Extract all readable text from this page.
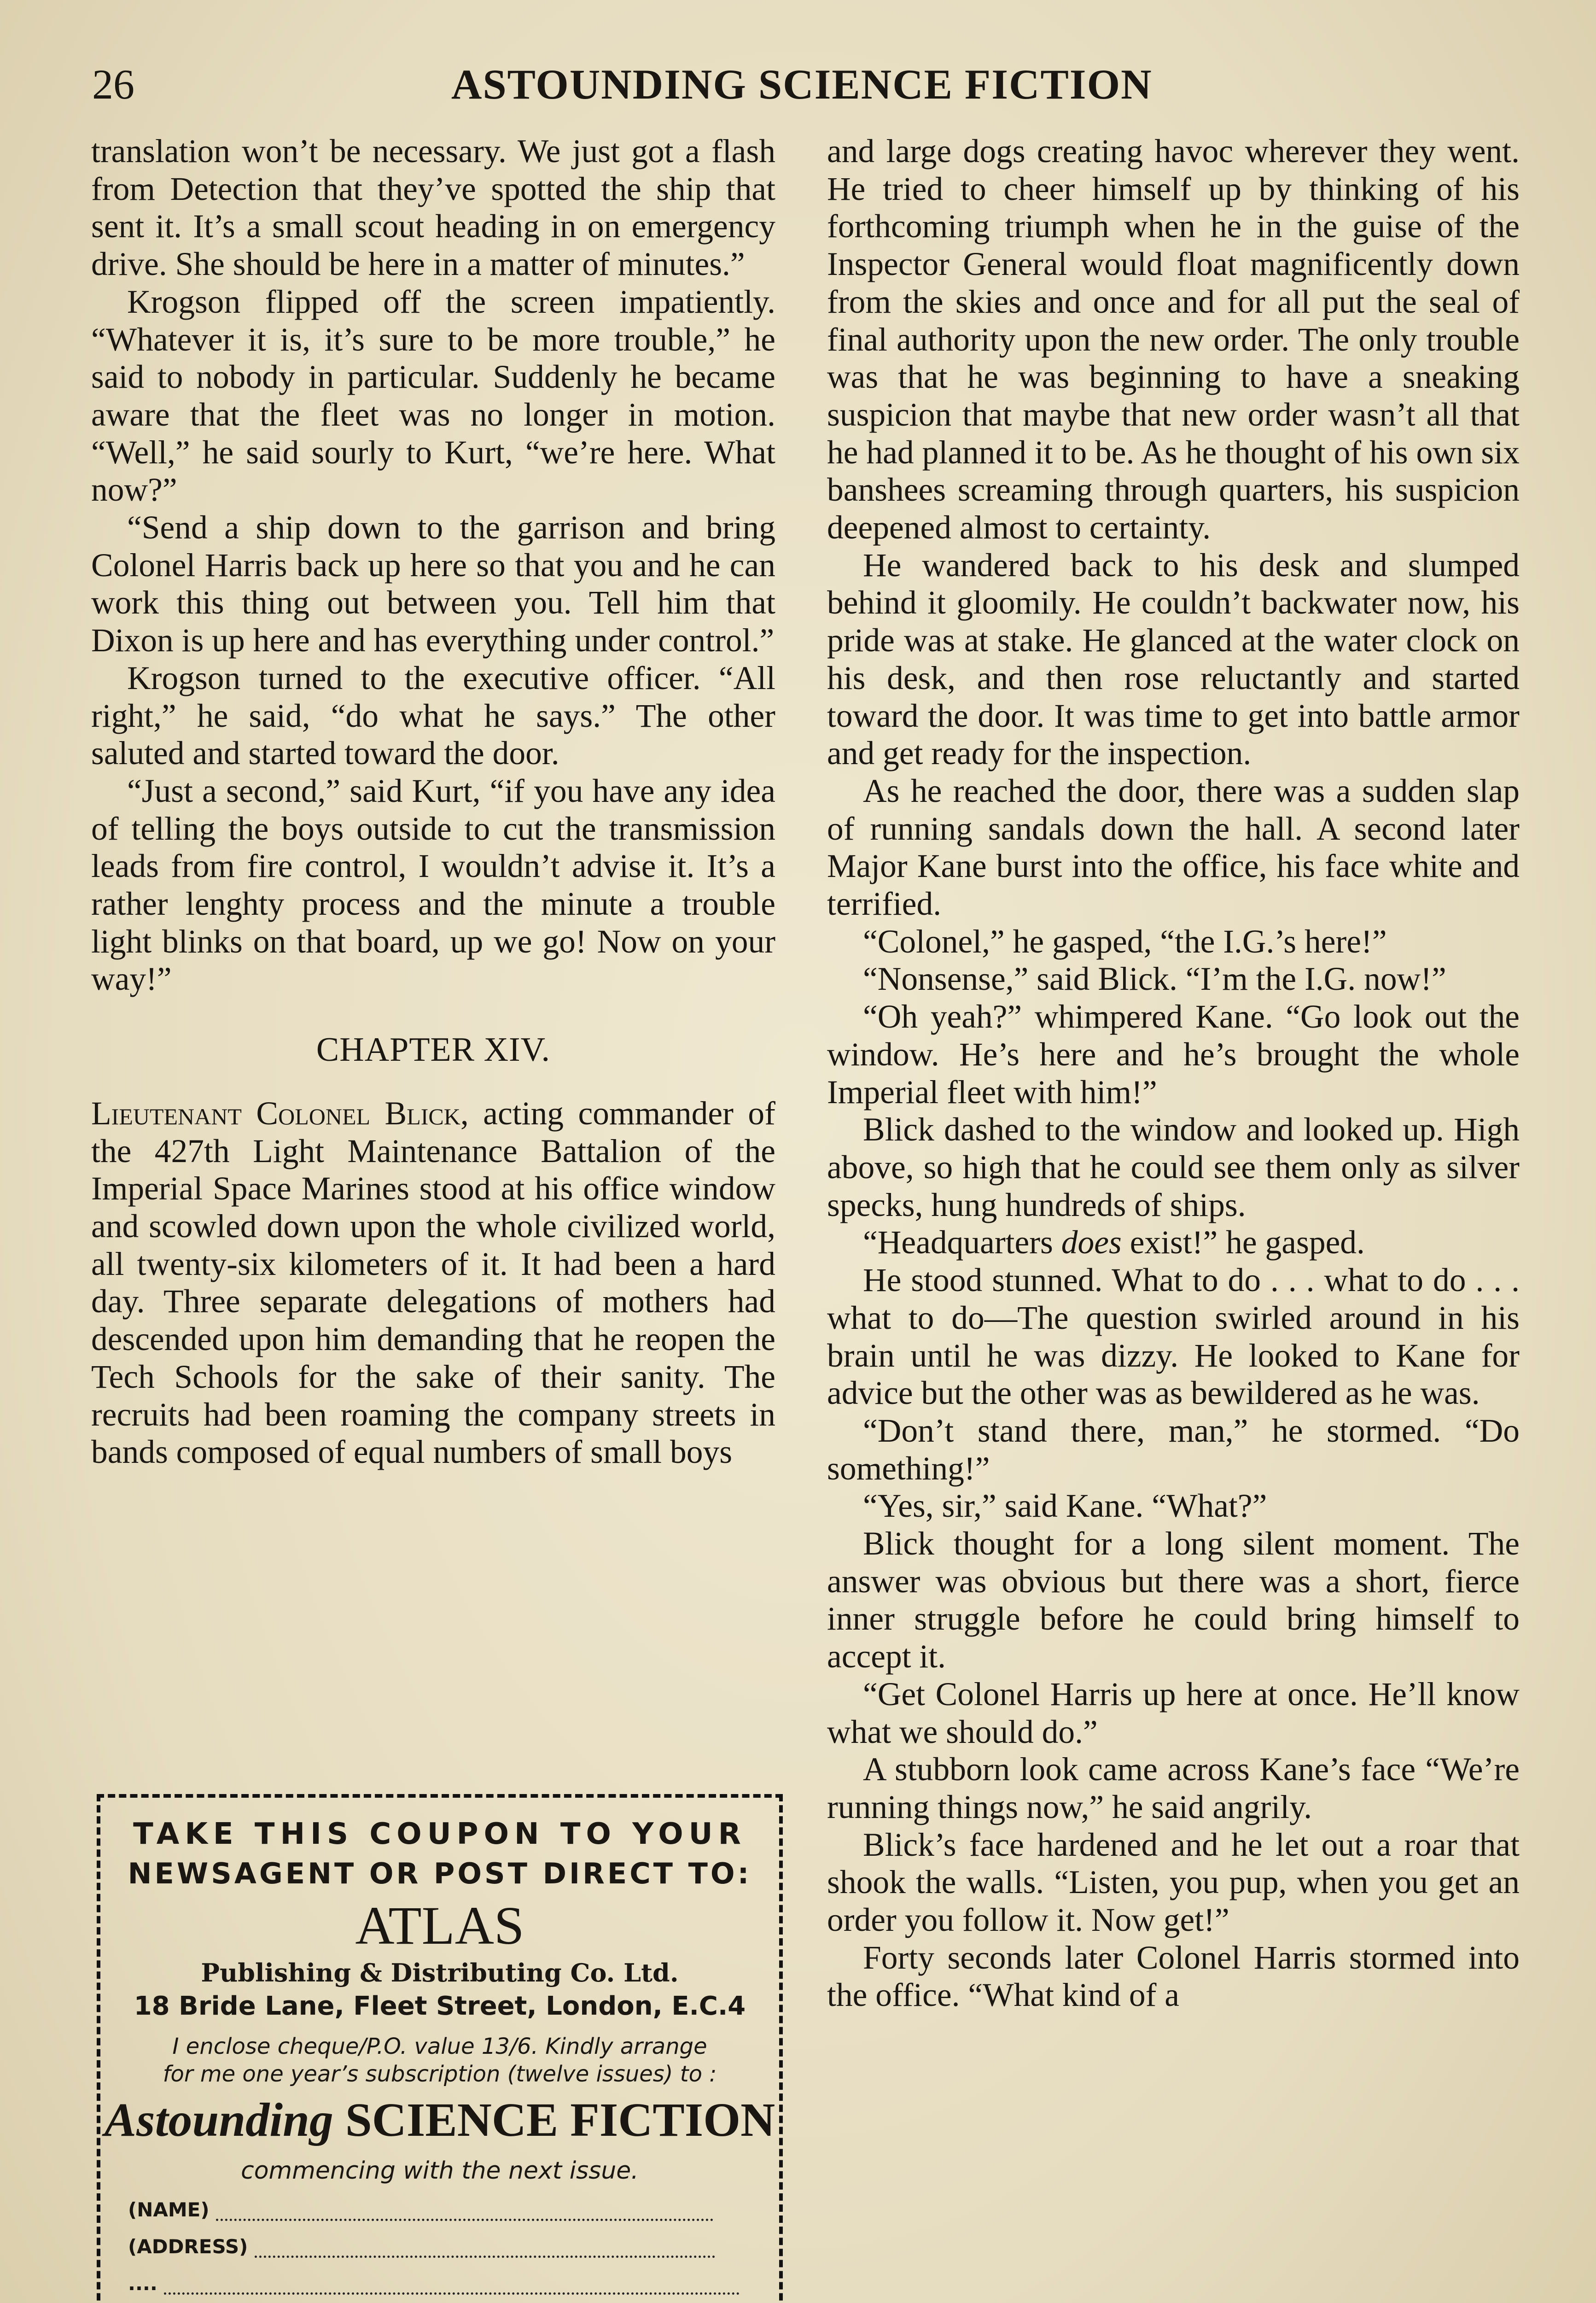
26	ASTOUNDING SCIENCE FICTION

translation won’t be necessary. We just got a flash from Detection that they’ve spotted the ship that sent it. It’s a small scout heading in on emergency drive. She should be here in a matter of minutes.”

Krogson flipped off the screen impatiently. “Whatever it is, it’s sure to be more trouble,” he said to nobody in particular. Suddenly he became aware that the fleet was no longer in motion. “Well,” he said sourly to Kurt, “we’re here. What now?”

“Send a ship down to the garrison and bring Colonel Harris back up here so that you and he can work this thing out between you. Tell him that Dixon is up here and has everything under control.”

Krogson turned to the executive officer. “All right,” he said, “do what he says.” The other saluted and started toward the door.

“Just a second,” said Kurt, “if you have any idea of telling the boys outside to cut the transmission leads from fire control, I wouldn’t advise it. It’s a rather lenghty process and the minute a trouble light blinks on that board, up we go! Now on your way!”

CHAPTER XIV.

Lieutenant Colonel Blick, acting commander of the 427th Light Maintenance Battalion of the Imperial Space Marines stood at his office window and scowled down upon the whole civilized world, all twenty-six kilometers of it. It had been a hard day. Three separate delegations of mothers had descended upon him demanding that he reopen the Tech Schools for the sake of their sanity. The recruits had been roaming the company streets in bands composed of equal numbers of small boys

and large dogs creating havoc wherever they went. He tried to cheer himself up by thinking of his forthcoming triumph when he in the guise of the Inspector General would float magnificently down from the skies and once and for all put the seal of final authority upon the new order. The only trouble was that he was beginning to have a sneaking suspicion that maybe that new order wasn’t all that he had planned it to be. As he thought of his own six banshees screaming through quarters, his suspicion deepened almost to certainty.

He wandered back to his desk and slumped behind it gloomily. He couldn’t backwater now, his pride was at stake. He glanced at the water clock on his desk, and then rose reluctantly and started toward the door. It was time to get into battle armor and get ready for the inspection.

As he reached the door, there was a sudden slap of running sandals down the hall. A second later Major Kane burst into the office, his face white and terrified.

“Colonel,” he gasped, “the I.G.’s here!”

“Nonsense,” said Blick. “I’m the I.G. now!”

“Oh yeah?” whimpered Kane. “Go look out the window. He’s here and he’s brought the whole Imperial fleet with him!”

Blick dashed to the window and looked up. High above, so high that he could see them only as silver specks, hung hundreds of ships.

“Headquarters does exist!” he gasped.

He stood stunned. What to do . . . what to do . . . what to do—The question swirled around in his brain until he was dizzy. He looked to Kane for advice but the other was as bewildered as he was.

“Don’t stand there, man,” he stormed. “Do something!”

“Yes, sir,” said Kane. “What?”

Blick thought for a long silent moment. The answer was obvious but there was a short, fierce inner struggle before he could bring himself to accept it.

“Get Colonel Harris up here at once. He’ll know what we should do.”

A stubborn look came across Kane’s face “We’re running things now,” he said angrily.

Blick’s face hardened and he let out a roar that shook the walls. “Listen, you pup, when you get an order you follow it. Now get!”

Forty seconds later Colonel Harris stormed into the office. “What kind of a

TAKE THIS COUPON TO YOUR
NEWSAGENT OR POST DIRECT TO:
ATLAS
Publishing & Distributing Co. Ltd.
18 Bride Lane, Fleet Street, London, E.C.4
I enclose cheque/P.O. value 13/6. Kindly arrange
for me one year’s subscription (twelve issues) to :
Astounding SCIENCE FICTION
commencing with the next issue.
(NAME)
(ADDRESS)
....
